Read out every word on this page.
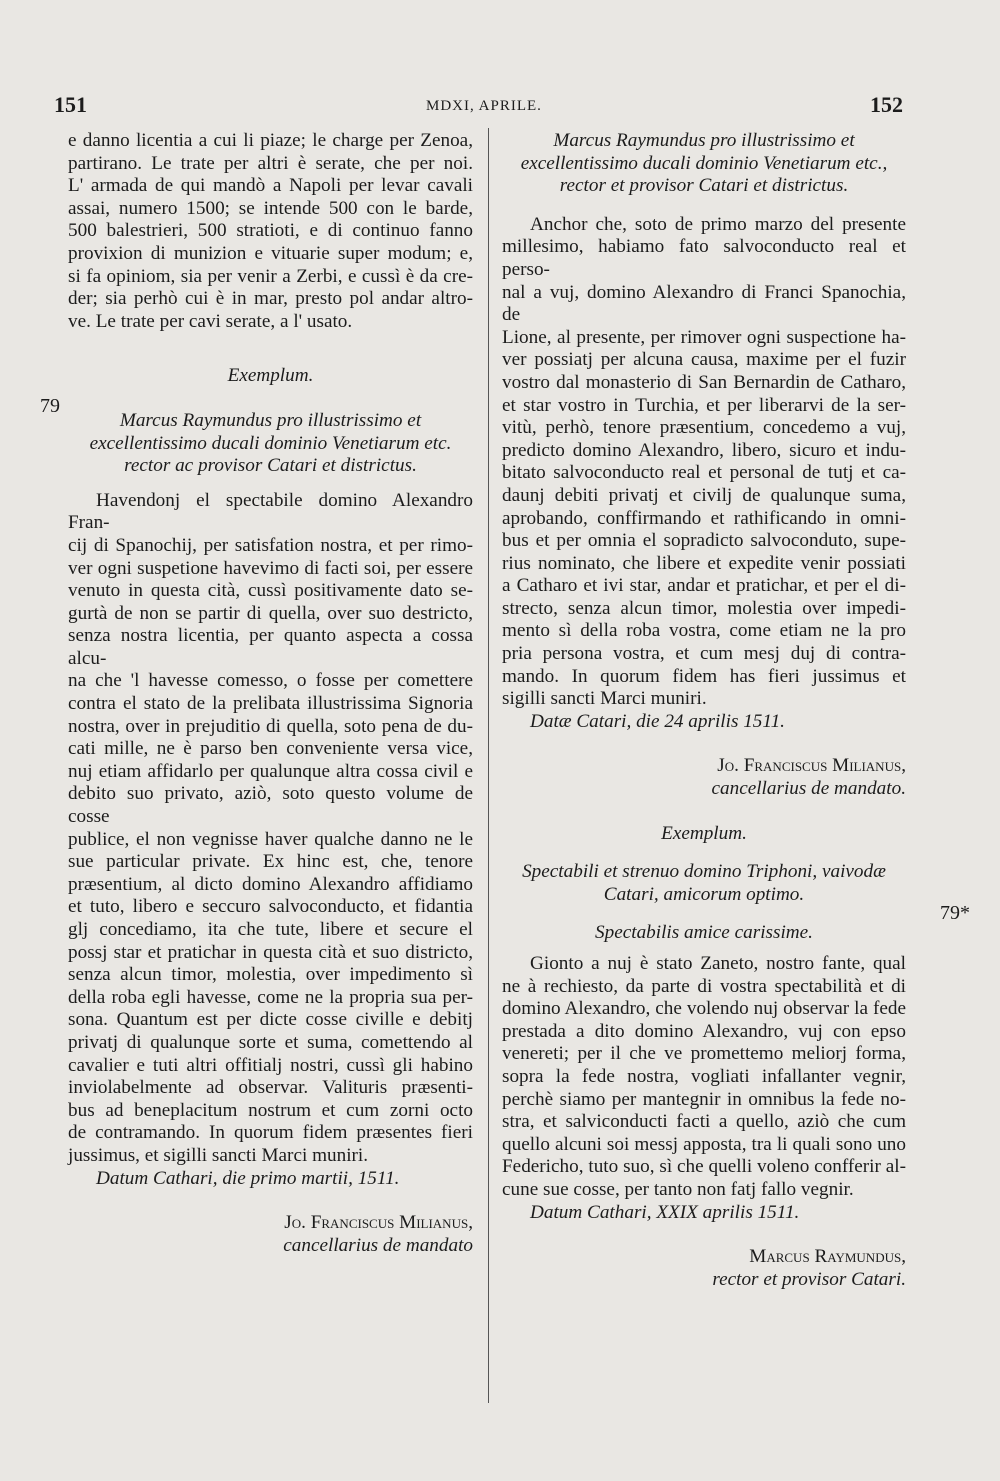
151	MDXI, APRILE.	152
79
79*

e danno licentia a cui li piaze; le charge per Zenoa,

partirano. Le trate per altri è serate, che per noi.

L' armada de qui mandò a Napoli per levar cavali

assai, numero 1500; se intende 500 con le barde,

500 balestrieri, 500 stratioti, e di continuo fanno

provixion di munizion e vituarie super modum; e,

si fa opiniom, sia per venir a Zerbi, e cussì è da cre-

der; sia perhò cui è in mar, presto pol andar altro-

ve. Le trate per cavi serate, a l' usato.

Exemplum.

Marcus Raymundus pro illustrissimo et

excellentissimo ducali dominio Venetiarum etc.

rector ac provisor Catari et districtus.

Havendonj el spectabile domino Alexandro Fran-

cij di Spanochij, per satisfation nostra, et per rimo-

ver ogni suspetione havevimo di facti soi, per essere

venuto in questa cità, cussì positivamente dato se-

gurtà de non se partir di quella, over suo destricto,

senza nostra licentia, per quanto aspecta a cossa alcu-

na che 'l havesse comesso, o fosse per comettere

contra el stato de la prelibata illustrissima Signoria

nostra, over in prejuditio di quella, soto pena de du-

cati mille, ne è parso ben conveniente versa vice,

nuj etiam affidarlo per qualunque altra cossa civil e

debito suo privato, aziò, soto questo volume de cosse

publice, el non vegnisse haver qualche danno ne le

sue particular private. Ex hinc est, che, tenore

præsentium, al dicto domino Alexandro affidiamo

et tuto, libero e seccuro salvoconducto, et fidantia

glj concediamo, ita che tute, libere et secure el

possj star et pratichar in questa cità et suo districto,

senza alcun timor, molestia, over impedimento sì

della roba egli havesse, come ne la propria sua per-

sona. Quantum est per dicte cosse civille e debitj

privatj di qualunque sorte et suma, comettendo al

cavalier e tuti altri offitialj nostri, cussì gli habino

inviolabelmente ad observar. Valituris præsenti-

bus ad beneplacitum nostrum et cum zorni octo

de contramando. In quorum fidem præsentes fieri

jussimus, et sigilli sancti Marci muniri.

Datum Cathari, die primo martii, 1511.

Jo. Franciscus Milianus,

cancellarius de mandato

Marcus Raymundus pro illustrissimo et

excellentissimo ducali dominio Venetiarum etc.,

rector et provisor Catari et districtus.

Anchor che, soto de primo marzo del presente

millesimo, habiamo fato salvoconducto real et perso-

nal a vuj, domino Alexandro di Franci Spanochia, de

Lione, al presente, per rimover ogni suspectione ha-

ver possiatj per alcuna causa, maxime per el fuzir

vostro dal monasterio di San Bernardin de Catharo,

et star vostro in Turchia, et per liberarvi de la ser-

vitù, perhò, tenore præsentium, concedemo a vuj,

predicto domino Alexandro, libero, sicuro et indu-

bitato salvoconducto real et personal de tutj et ca-

daunj debiti privatj et civilj de qualunque suma,

aprobando, conffirmando et rathificando in omni-

bus et per omnia el sopradicto salvoconduto, supe-

rius nominato, che libere et expedite venir possiati

a Catharo et ivi star, andar et pratichar, et per el di-

strecto, senza alcun timor, molestia over impedi-

mento sì della roba vostra, come etiam ne la pro

pria persona vostra, et cum mesj duj di contra-

mando. In quorum fidem has fieri jussimus et

sigilli sancti Marci muniri.

Datæ Catari, die 24 aprilis 1511.

Jo. Franciscus Milianus,

cancellarius de mandato.

Exemplum.

Spectabili et strenuo domino Triphoni, vaivodæ

Catari, amicorum optimo.

Spectabilis amice carissime.

Gionto a nuj è stato Zaneto, nostro fante, qual

ne à rechiesto, da parte di vostra spectabilità et di

domino Alexandro, che volendo nuj observar la fede

prestada a dito domino Alexandro, vuj con epso

venereti; per il che ve promettemo meliorj forma,

sopra la fede nostra, vogliati infallanter vegnir,

perchè siamo per mantegnir in omnibus la fede no-

stra, et salviconducti facti a quello, aziò che cum

quello alcuni soi messj apposta, tra li quali sono uno

Federicho, tuto suo, sì che quelli voleno confferir al-

cune sue cosse, per tanto non fatj fallo vegnir.

Datum Cathari, XXIX aprilis 1511.

Marcus Raymundus,

rector et provisor Catari.
